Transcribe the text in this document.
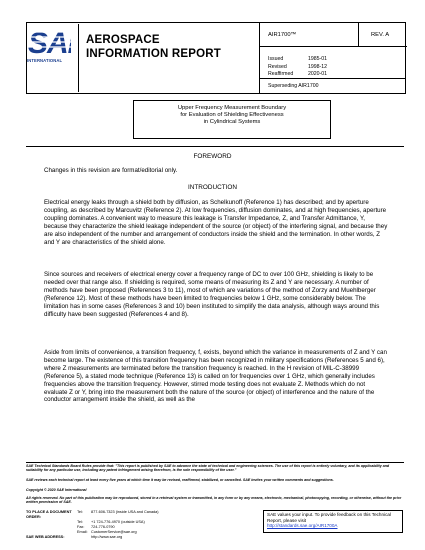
SA
INTERNATIONAL
AEROSPACE
INFORMATION REPORT
AIR1700™	REV. A
Issued	1985-01
Revised	1998-12
Reaffirmed	2020-01
Superseding AIR1700
Upper Frequency Measurement Boundary
for Evaluation of Shielding Effectiveness
in Cylindrical Systems
FOREWORD
Changes in this revision are format/editorial only.
INTRODUCTION
Electrical energy leaks through a shield both by diffusion, as Schelkunoff (Reference 1) has described; and by aperture coupling, as described by Marcuvitz (Reference 2). At low frequencies, diffusion dominates, and at high frequencies, aperture coupling dominates. A convenient way to measure this leakage is Transfer Impedance, Z, and Transfer Admittance, Y, because they characterize the shield leakage independent of the source (or object) of the interfering signal, and because they are also independent of the number and arrangement of conductors inside the shield and the termination. In other words, Z and Y are characteristics of the shield alone.
Since sources and receivers of electrical energy cover a frequency range of DC to over 100 GHz, shielding is likely to be needed over that range also. If shielding is required, some means of measuring its Z and Y are necessary. A number of methods have been proposed (References 3 to 11), most of which are variations of the method of Zorzy and Muehlberger (Reference 12). Most of these methods have been limited to frequencies below 1 GHz, some considerably below. The limitation has in some cases (References 3 and 10) been instituted to simplify the data analysis, although ways around this difficulty have been suggested (References 4 and 8).
Aside from limits of convenience, a transition frequency, f, exists, beyond which the variance in measurements of Z and Y can become large. The existence of this transition frequency has been recognized in military specifications (References 5 and 6), where Z measurements are terminated before the transition frequency is reached. In the H revision of MIL-C-38999 (Reference 5), a stated mode technique (Reference 13) is called on for frequencies over 1 GHz, which generally includes frequencies above the transition frequency. However, stirred mode testing does not evaluate Z. Methods which do not evaluate Z or Y, bring into the measurement both the nature of the source (or object) of interference and the nature of the conductor arrangement inside the shield, as well as the
SAE Technical Standards Board Rules provide that: "This report is published by SAE to advance the state of technical and engineering sciences. The use of this report is entirely voluntary, and its applicability and suitability for any particular use, including any patent infringement arising therefrom, is the sole responsibility of the user."
SAE reviews each technical report at least every five years at which time it may be revised, reaffirmed, stabilized, or cancelled. SAE invites your written comments and suggestions.
Copyright © 2020 SAE International
All rights reserved. No part of this publication may be reproduced, stored in a retrieval system or transmitted, in any form or by any means, electronic, mechanical, photocopying, recording, or otherwise, without the prior written permission of SAE.
TO PLACE A DOCUMENT ORDER:
Tel:	877-606-7323 (inside USA and Canada)
Tel:	+1 724-776-4970 (outside USA)
Fax:	724-776-0790
Email: CustomerService@sae.org
SAE WEB ADDRESS:	http://www.sae.org
SAE values your input. To provide feedback on this Technical Report, please visit
http://standards.sae.org/AIR1700A
